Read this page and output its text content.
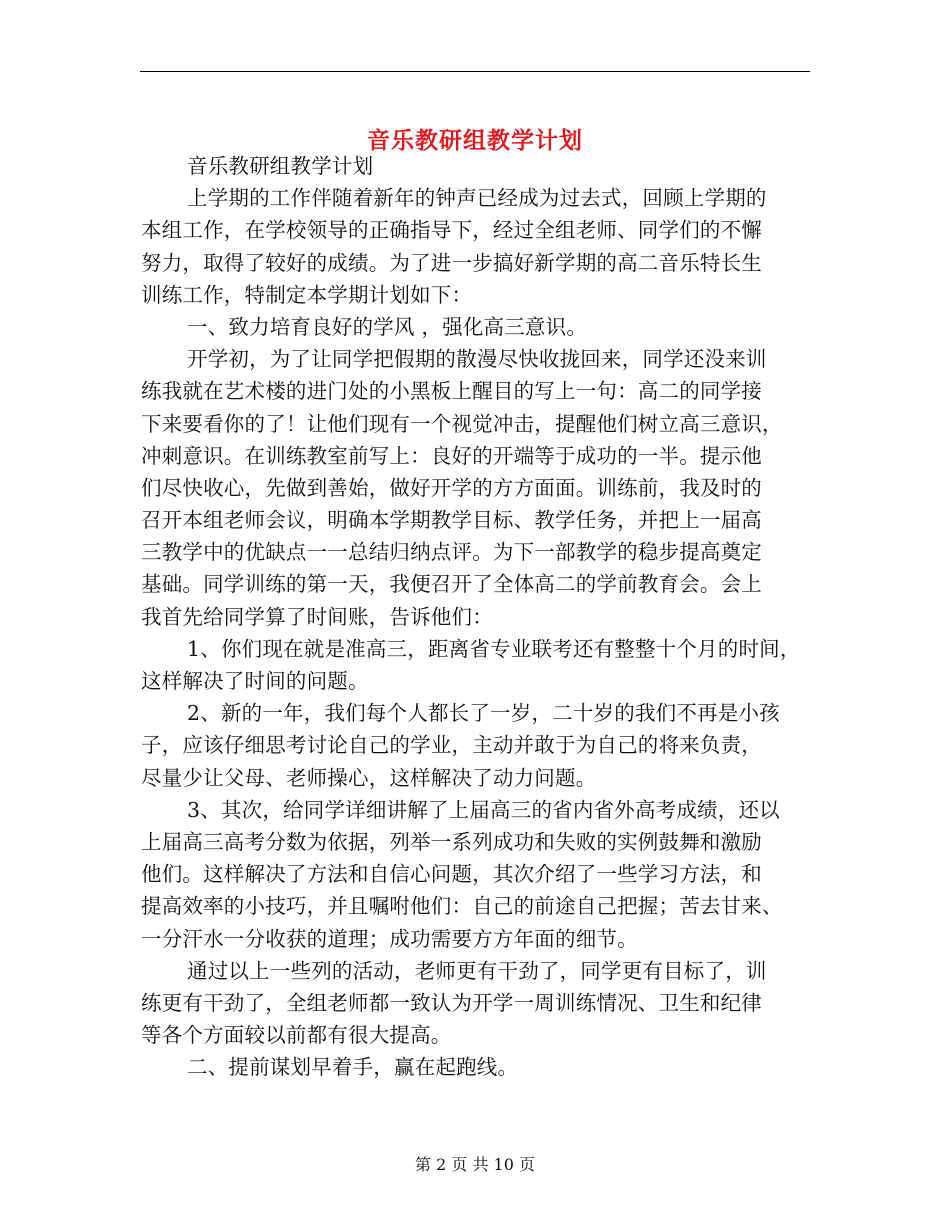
音乐教研组教学计划
音乐教研组教学计划
上学期的工作伴随着新年的钟声已经成为过去式，回顾上学期的
本组工作，在学校领导的正确指导下，经过全组老师、同学们的不懈
努力，取得了较好的成绩。为了进一步搞好新学期的高二音乐特长生
训练工作，特制定本学期计划如下：
一、致力培育良好的学风 ，强化高三意识。
开学初，为了让同学把假期的散漫尽快收拢回来，同学还没来训
练我就在艺术楼的进门处的小黑板上醒目的写上一句：高二的同学接
下来要看你的了！让他们现有一个视觉冲击，提醒他们树立高三意识，
冲刺意识。在训练教室前写上：良好的开端等于成功的一半。提示他
们尽快收心，先做到善始，做好开学的方方面面。训练前，我及时的
召开本组老师会议，明确本学期教学目标、教学任务，并把上一届高
三教学中的优缺点一一总结归纳点评。为下一部教学的稳步提高奠定
基础。同学训练的第一天，我便召开了全体高二的学前教育会。会上
我首先给同学算了时间账，告诉他们：
1、你们现在就是准高三，距离省专业联考还有整整十个月的时间，
这样解决了时间的问题。
2、新的一年，我们每个人都长了一岁，二十岁的我们不再是小孩
子，应该仔细思考讨论自己的学业，主动并敢于为自己的将来负责，
尽量少让父母、老师操心，这样解决了动力问题。
3、其次，给同学详细讲解了上届高三的省内省外高考成绩，还以
上届高三高考分数为依据，列举一系列成功和失败的实例鼓舞和激励
他们。这样解决了方法和自信心问题，其次介绍了一些学习方法，和
提高效率的小技巧，并且嘱咐他们：自己的前途自己把握；苦去甘来、
一分汗水一分收获的道理；成功需要方方年面的细节。
通过以上一些列的活动，老师更有干劲了，同学更有目标了，训
练更有干劲了，全组老师都一致认为开学一周训练情况、卫生和纪律
等各个方面较以前都有很大提高。
二、提前谋划早着手，赢在起跑线。
第 2 页 共 10 页
